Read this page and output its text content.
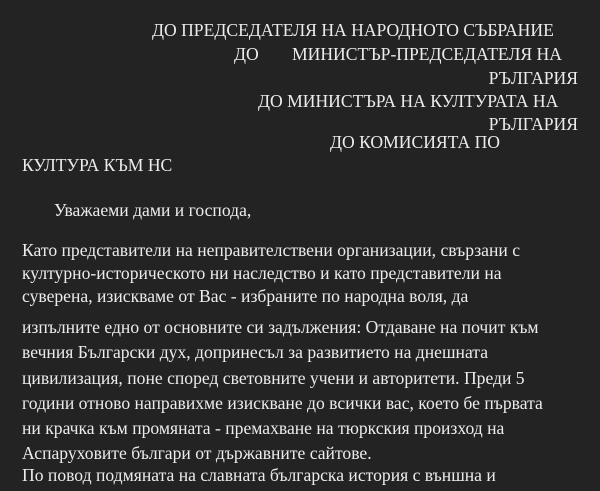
ДО ПРЕДСЕДАТЕЛЯ НА НАРОДНОТО СЪБРАНИЕ
ДО МИНИСТЪР-ПРЕДСЕДАТЕЛЯ НА
РЪЛГАРИЯ
ДО МИНИСТЪРА НА КУЛТУРАТА НА
РЪЛГАРИЯ
ДО КОМИСИЯТА ПО
КУЛТУРА КЪМ НС
Уважаеми дами и господа,
Като представители на неправителствени организации, свързани с
културно-историческото ни наследство и като представители на
суверена, изискваме от Вас - избраните по народна воля, да
изпълните едно от основните си задължения: Отдаване на почит към
вечния Български дух, допринесъл за развитието на днешната
цивилизация, поне според световните учени и авторитети. Преди 5
години отново направихме изискване до всички вас, което бе първата
ни крачка към промяната - премахване на тюркския произход на
Аспаруховите българи от държавните сайтове.
По повод подмяната на славната българска история с външна и
